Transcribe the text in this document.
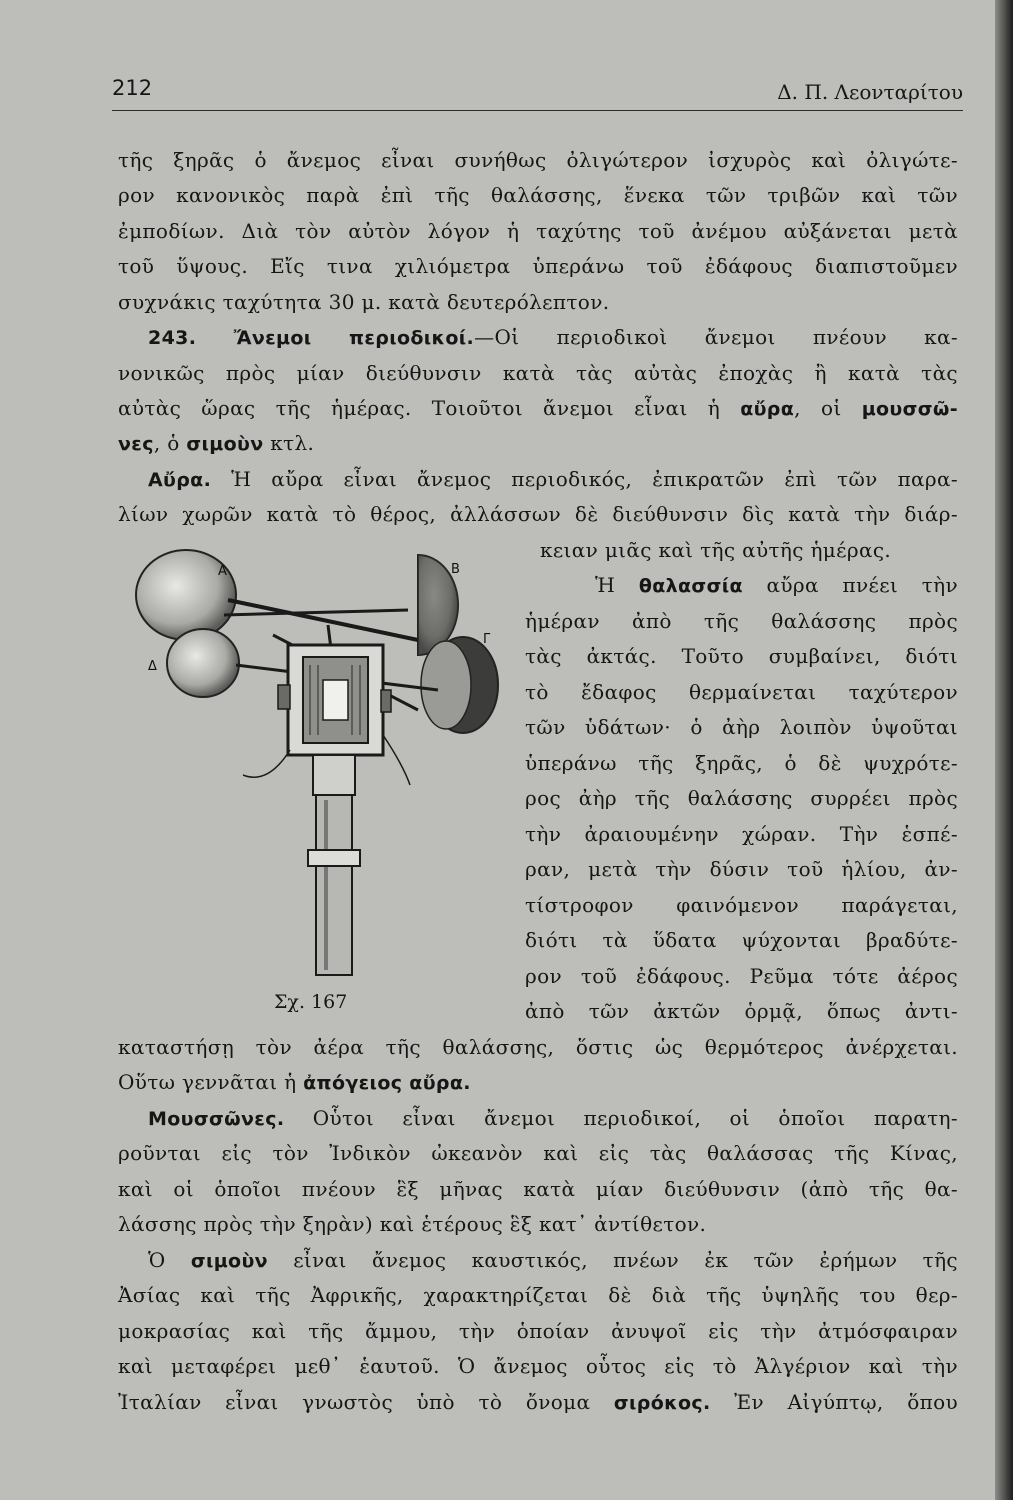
212	Δ. Π. Λεονταρίτου
τῆς ξηρᾶς ὁ ἄνεμος εἶναι συνήθως ὀλιγώτερον ἰσχυρὸς καὶ ὀλιγώτε-
ρον κανονικὸς παρὰ ἐπὶ τῆς θαλάσσης, ἕνεκα τῶν τριβῶν καὶ τῶν
ἐμποδίων. Διὰ τὸν αὐτὸν λόγον ἡ ταχύτης τοῦ ἀνέμου αὐξάνεται μετὰ
τοῦ ὕψους. Εἴς τινα χιλιόμετρα ὑπεράνω τοῦ ἐδάφους διαπιστοῦμεν
συχνάκις ταχύτητα 30 μ. κατὰ δευτερόλεπτον.
243. Ἄνεμοι περιοδικοί.—Οἱ περιοδικοὶ ἄνεμοι πνέουν κα-
νονικῶς πρὸς μίαν διεύθυνσιν κατὰ τὰς αὐτὰς ἐποχὰς ἢ κατὰ τὰς
αὐτὰς ὥρας τῆς ἡμέρας. Τοιοῦτοι ἄνεμοι εἶναι ἡ αὔρα, οἱ μουσσῶ-
νες, ὁ σιμοὺν κτλ.
Αὔρα. Ἡ αὔρα εἶναι ἄνεμος περιοδικός, ἐπικρατῶν ἐπὶ τῶν παρα-
λίων χωρῶν κατὰ τὸ θέρος, ἀλλάσσων δὲ διεύθυνσιν δὶς κατὰ τὴν διάρ-
κειαν μιᾶς καὶ τῆς αὐτῆς ἡμέρας.
Ἡ θαλασσία αὔρα πνέει τὴν
ἡμέραν ἀπὸ τῆς θαλάσσης πρὸς
τὰς ἀκτάς. Τοῦτο συμβαίνει, διότι
τὸ ἔδαφος θερμαίνεται ταχύτερον
τῶν ὑδάτων· ὁ ἀὴρ λοιπὸν ὑψοῦται
ὑπεράνω τῆς ξηρᾶς, ὁ δὲ ψυχρότε-
ρος ἀὴρ τῆς θαλάσσης συρρέει πρὸς
τὴν ἀραιουμένην χώραν. Τὴν ἑσπέ-
ραν, μετὰ τὴν δύσιν τοῦ ἡλίου, ἀν-
τίστροφον φαινόμενον παράγεται,
διότι τὰ ὕδατα ψύχονται βραδύτε-
ρον τοῦ ἐδάφους. Ρεῦμα τότε ἀέρος
ἀπὸ τῶν ἀκτῶν ὁρμᾷ, ὅπως ἀντι-
καταστήσῃ τὸν ἀέρα τῆς θαλάσσης, ὅστις ὡς θερμότερος ἀνέρχεται.
Οὕτω γεννᾶται ἡ ἀπόγειος αὔρα.
Α	Β
Γ
Δ
Σχ. 167
Μουσσῶνες. Οὗτοι εἶναι ἄνεμοι περιοδικοί, οἱ ὁποῖοι παρατη-
ροῦνται εἰς τὸν Ἰνδικὸν ὠκεανὸν καὶ εἰς τὰς θαλάσσας τῆς Κίνας,
καὶ οἱ ὁποῖοι πνέουν ἓξ μῆνας κατὰ μίαν διεύθυνσιν (ἀπὸ τῆς θα-
λάσσης πρὸς τὴν ξηρὰν) καὶ ἑτέρους ἓξ κατ᾽ ἀντίθετον.
Ὁ σιμοὺν εἶναι ἄνεμος καυστικός, πνέων ἐκ τῶν ἐρήμων τῆς
Ἀσίας καὶ τῆς Ἀφρικῆς, χαρακτηρίζεται δὲ διὰ τῆς ὑψηλῆς του θερ-
μοκρασίας καὶ τῆς ἄμμου, τὴν ὁποίαν ἀνυψοῖ εἰς τὴν ἀτμόσφαιραν
καὶ μεταφέρει μεθ᾽ ἑαυτοῦ. Ὁ ἄνεμος οὗτος εἰς τὸ Ἀλγέριον καὶ τὴν
Ἰταλίαν εἶναι γνωστὸς ὑπὸ τὸ ὄνομα σιρόκος. Ἐν Αἰγύπτῳ, ὅπου
